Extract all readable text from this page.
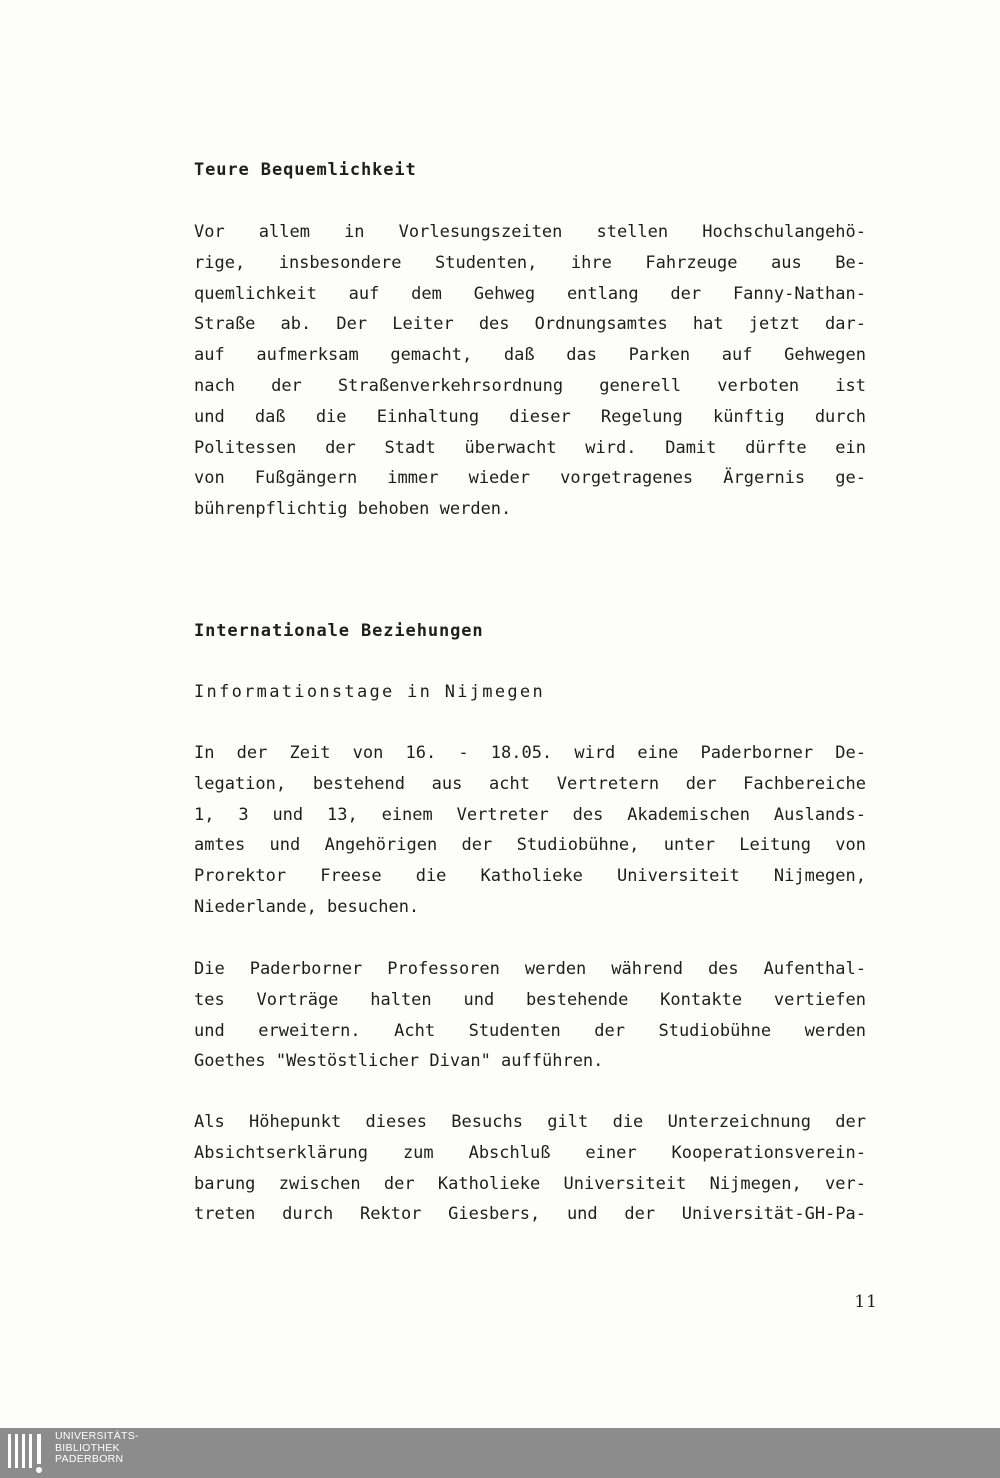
Teure Bequemlichkeit
Vor allem in Vorlesungszeiten stellen Hochschulangehö-
rige, insbesondere Studenten, ihre Fahrzeuge aus Be-
quemlichkeit auf dem Gehweg entlang der Fanny-Nathan-
Straße ab. Der Leiter des Ordnungsamtes hat jetzt dar-
auf aufmerksam gemacht, daß das Parken auf Gehwegen
nach der Straßenverkehrsordnung generell verboten ist
und daß die Einhaltung dieser Regelung künftig durch
Politessen der Stadt überwacht wird. Damit dürfte ein
von Fußgängern immer wieder vorgetragenes Ärgernis ge-
bührenpflichtig behoben werden.
Internationale Beziehungen
Informationstage in Nijmegen
In der Zeit von 16. - 18.05. wird eine Paderborner De-
legation, bestehend aus acht Vertretern der Fachbereiche
1, 3 und 13, einem Vertreter des Akademischen Auslands-
amtes und Angehörigen der Studiobühne, unter Leitung von
Prorektor Freese die Katholieke Universiteit Nijmegen,
Niederlande, besuchen.
Die Paderborner Professoren werden während des Aufenthal-
tes Vorträge halten und bestehende Kontakte vertiefen
und erweitern. Acht Studenten der Studiobühne werden
Goethes "Westöstlicher Divan" aufführen.
Als Höhepunkt dieses Besuchs gilt die Unterzeichnung der
Absichtserklärung zum Abschluß einer Kooperationsverein-
barung zwischen der Katholieke Universiteit Nijmegen, ver-
treten durch Rektor Giesbers, und der Universität-GH-Pa-
11
UNIVERSITÄTS-
BIBLIOTHEK
PADERBORN
